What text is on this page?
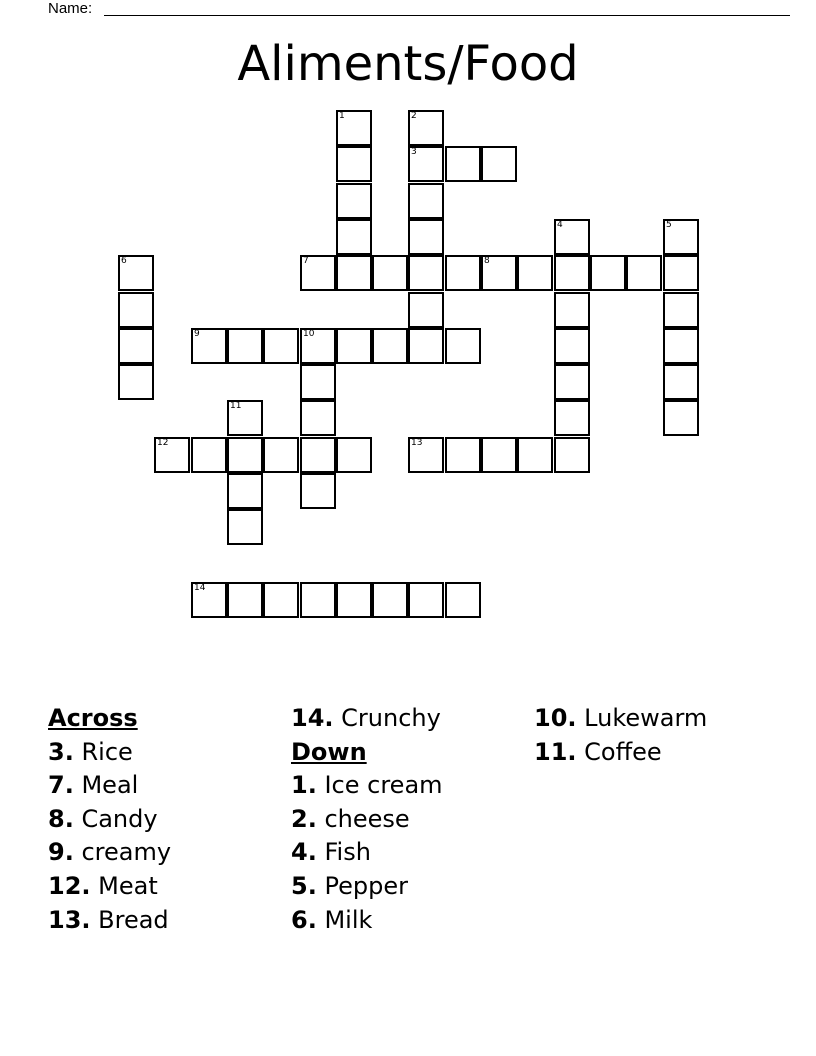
Name:
Aliments/Food
1	2
3
4	5
6	7	8
9	10
11
12	13
14
Across
3. Rice
7. Meal
8. Candy
9. creamy
12. Meat
13. Bread
14. Crunchy
Down
1. Ice cream
2. cheese
4. Fish
5. Pepper
6. Milk
10. Lukewarm
11. Coffee
